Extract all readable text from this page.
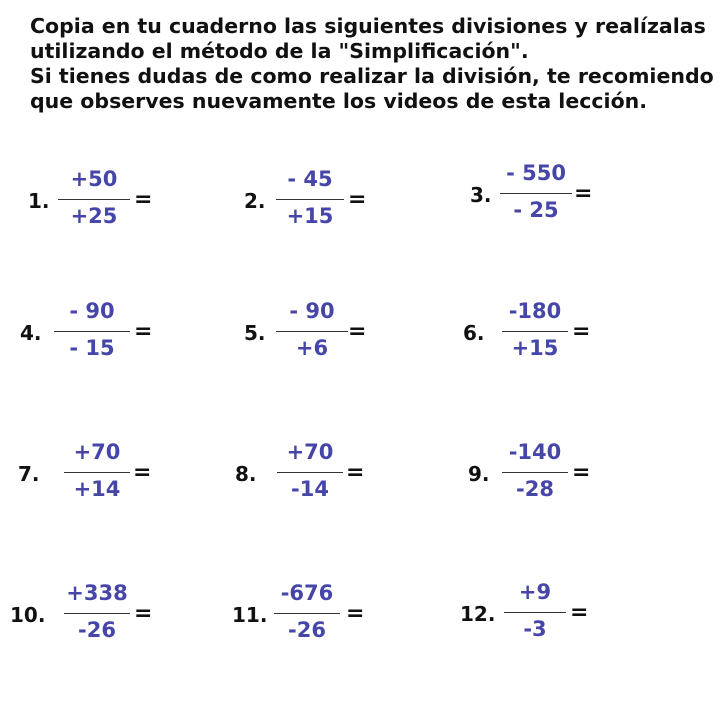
Copia en tu cuaderno las siguientes divisiones y realízalas
utilizando el método de la "Simplificación".
Si tienes dudas de como realizar la división, te recomiendo
que observes nuevamente los videos de esta lección.
1.
+50
+25
=	2.
- 45
+15
=	3.
- 550
- 25
=
4.
- 90
- 15
=	5.
- 90
+6
=	6.
-180
+15
=
7.
+70
+14
=	8.
+70
-14
=	9.
-140
-28
=
10.
+338
-26
=	11.
-676
-26
=	12.
+9
-3
=
